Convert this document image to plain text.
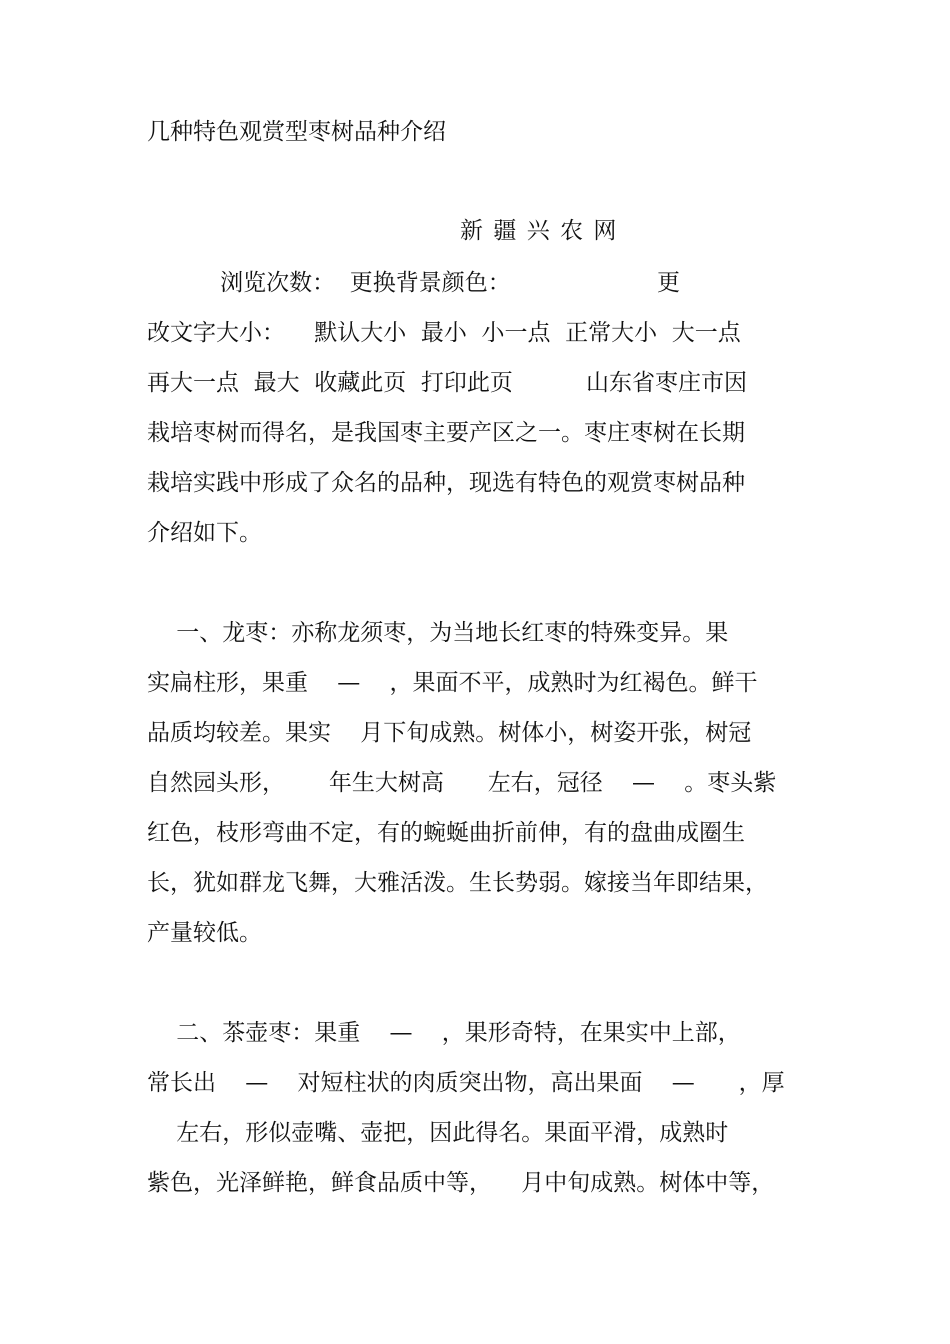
几种特色观赏型枣树品种介绍
新疆兴农网
浏览次数：  更换背景颜色：                    更
改文字大小：    默认大小  最小  小一点  正常大小  大一点
再大一点  最大  收藏此页  打印此页          山东省枣庄市因
栽培枣树而得名，是我国枣主要产区之一。枣庄枣树在长期
栽培实践中形成了众名的品种，现选有特色的观赏枣树品种
介绍如下。
一、龙枣：亦称龙须枣，为当地长红枣的特殊变异。果
实扁柱形，果重    —    ，果面不平，成熟时为红褐色。鲜干
品质均较差。果实    月下旬成熟。树体小，树姿开张，树冠
自然园头形，      年生大树高      左右，冠径    —    。枣头紫
红色，枝形弯曲不定，有的蜿蜒曲折前伸，有的盘曲成圈生
长，犹如群龙飞舞，大雅活泼。生长势弱。嫁接当年即结果，
产量较低。
二、茶壶枣：果重    —    ，果形奇特，在果实中上部，
常长出    —    对短柱状的肉质突出物，高出果面    —      ，厚
左右，形似壶嘴、壶把，因此得名。果面平滑，成熟时
紫色，光泽鲜艳，鲜食品质中等，    月中旬成熟。树体中等，
